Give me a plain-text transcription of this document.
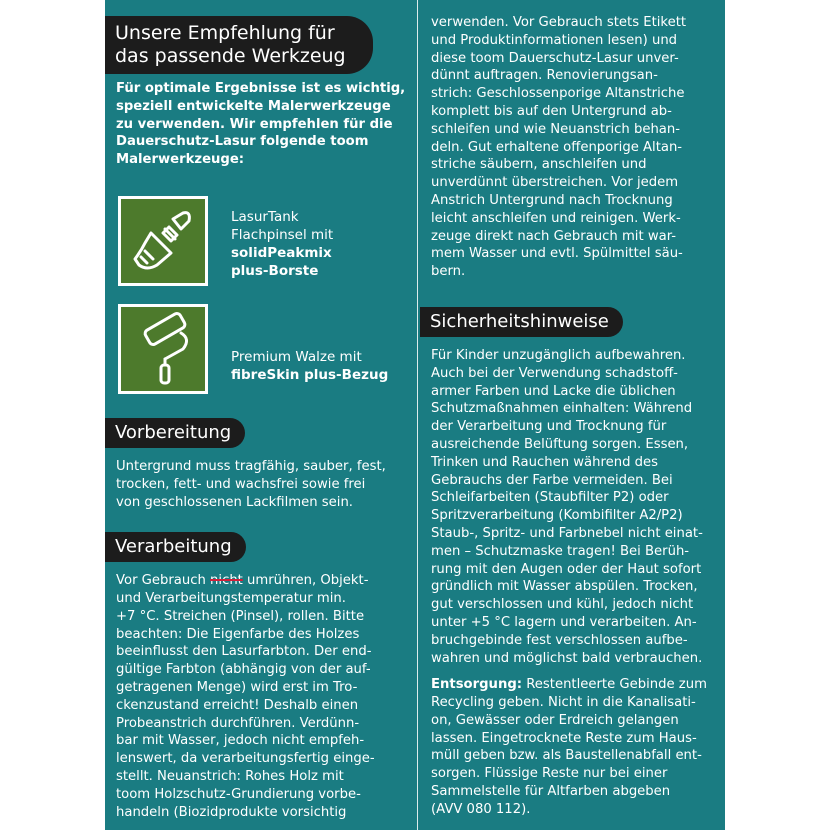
Unsere Empfehlung für
das passende Werkzeug
Für optimale Ergebnisse ist es wichtig,
speziell entwickelte Malerwerkzeuge
zu verwenden. Wir empfehlen für die
Dauerschutz-Lasur folgende toom
Malerwerkzeuge:
LasurTank
Flachpinsel mit
solidPeakmix
plus-Borste
Premium Walze mit
fibreSkin plus-Bezug
Vorbereitung
Untergrund muss tragfähig, sauber, fest,
trocken, fett- und wachsfrei sowie frei
von geschlossenen Lackfilmen sein.
Verarbeitung
Vor Gebrauch nicht umrühren, Objekt-
und Verarbeitungstemperatur min.
+7 °C. Streichen (Pinsel), rollen. Bitte
beachten: Die Eigenfarbe des Holzes
beeinflusst den Lasurfarbton. Der end-
gültige Farbton (abhängig von der auf-
getragenen Menge) wird erst im Tro-
ckenzustand erreicht! Deshalb einen
Probeanstrich durchführen. Verdünn-
bar mit Wasser, jedoch nicht empfeh-
lenswert, da verarbeitungsfertig einge-
stellt. Neuanstrich: Rohes Holz mit
toom Holzschutz-Grundierung vorbe-
handeln (Biozidprodukte vorsichtig
verwenden. Vor Gebrauch stets Etikett
und Produktinformationen lesen) und
diese toom Dauerschutz-Lasur unver-
dünnt auftragen. Renovierungsan-
strich: Geschlossenporige Altanstriche
komplett bis auf den Untergrund ab-
schleifen und wie Neuanstrich behan-
deln. Gut erhaltene offenporige Altan-
striche säubern, anschleifen und
unverdünnt überstreichen. Vor jedem
Anstrich Untergrund nach Trocknung
leicht anschleifen und reinigen. Werk-
zeuge direkt nach Gebrauch mit war-
mem Wasser und evtl. Spülmittel säu-
bern.
Sicherheitshinweise
Für Kinder unzugänglich aufbewahren.
Auch bei der Verwendung schadstoff-
armer Farben und Lacke die üblichen
Schutzmaßnahmen einhalten: Während
der Verarbeitung und Trocknung für
ausreichende Belüftung sorgen. Essen,
Trinken und Rauchen während des
Gebrauchs der Farbe vermeiden. Bei
Schleifarbeiten (Staubfilter P2) oder
Spritzverarbeitung (Kombifilter A2/P2)
Staub-, Spritz- und Farbnebel nicht einat-
men – Schutzmaske tragen! Bei Berüh-
rung mit den Augen oder der Haut sofort
gründlich mit Wasser abspülen. Trocken,
gut verschlossen und kühl, jedoch nicht
unter +5 °C lagern und verarbeiten. An-
bruchgebinde fest verschlossen aufbe-
wahren und möglichst bald verbrauchen.
Entsorgung: Restentleerte Gebinde zum
Recycling geben. Nicht in die Kanalisati-
on, Gewässer oder Erdreich gelangen
lassen. Eingetrocknete Reste zum Haus-
müll geben bzw. als Baustellenabfall ent-
sorgen. Flüssige Reste nur bei einer
Sammelstelle für Altfarben abgeben
(AVV 080 112).
